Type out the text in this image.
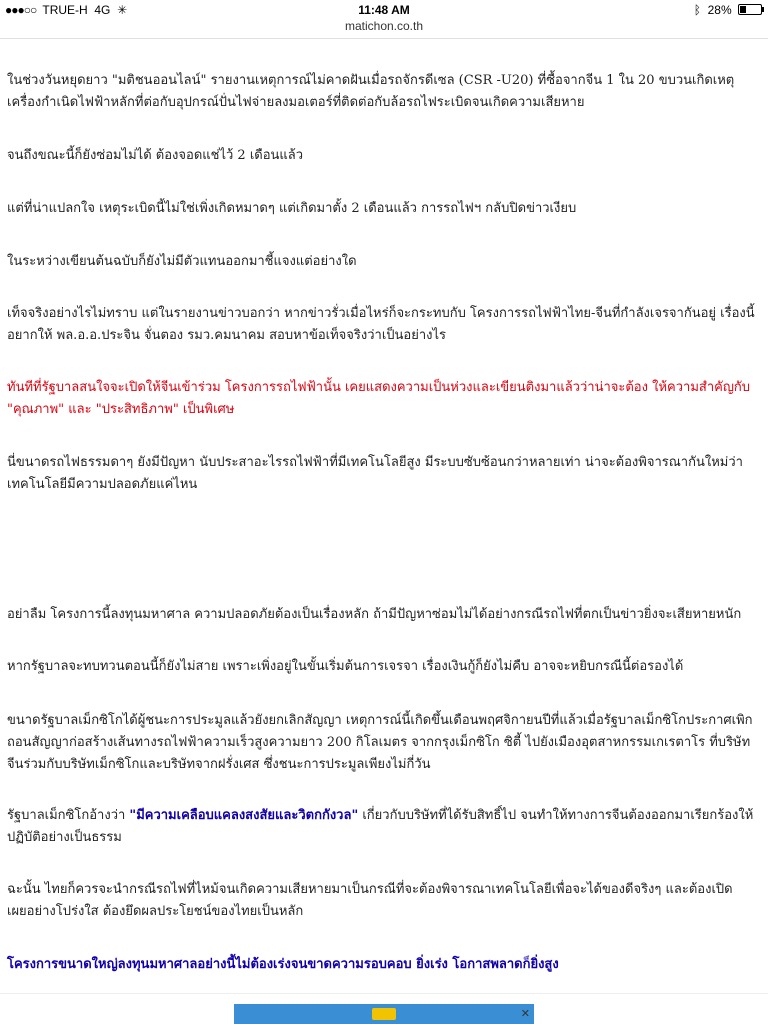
●●●○○ TRUE-H 4G ✳	11:48 AM	ᛒ 28%
matichon.co.th
ในช่วงวันหยุดยาว "มติชนออนไลน์" รายงานเหตุการณ์ไม่คาดฝันเมื่อรถจักรดีเซล (CSR -U20) ที่ซื้อจากจีน 1 ใน 20 ขบวนเกิดเหตุเครื่องกำเนิดไฟฟ้าหลักที่ต่อกับอุปกรณ์ปั่นไฟจ่ายลงมอเตอร์ที่ติดต่อกับล้อรถไฟระเบิดจนเกิดความเสียหาย
จนถึงขณะนี้ก็ยังซ่อมไม่ได้ ต้องจอดแช่ไว้ 2 เดือนแล้ว
แต่ที่น่าแปลกใจ เหตุระเบิดนี้ไม่ใช่เพิ่งเกิดหมาดๆ แต่เกิดมาตั้ง 2 เดือนแล้ว การรถไฟฯ กลับปิดข่าวเงียบ
ในระหว่างเขียนต้นฉบับก็ยังไม่มีตัวแทนออกมาชี้แจงแต่อย่างใด
เท็จจริงอย่างไรไม่ทราบ แต่ในรายงานข่าวบอกว่า หากข่าวรั่วเมื่อไหร่ก็จะกระทบกับ โครงการรถไฟฟ้าไทย-จีนที่กำลังเจรจากันอยู่ เรื่องนี้อยากให้ พล.อ.อ.ประจิน จั่นตอง รมว.คมนาคม สอบหาข้อเท็จจริงว่าเป็นอย่างไร
ทันทีที่รัฐบาลสนใจจะเปิดให้จีนเข้าร่วม โครงการรถไฟฟ้านั้น เคยแสดงความเป็นห่วงและเขียนติงมาแล้วว่าน่าจะต้อง ให้ความสำคัญกับ "คุณภาพ" และ "ประสิทธิภาพ" เป็นพิเศษ
นี่ขนาดรถไฟธรรมดาๆ ยังมีปัญหา นับประสาอะไรรถไฟฟ้าที่มีเทคโนโลยีสูง มีระบบซับซ้อนกว่าหลายเท่า น่าจะต้องพิจารณากันใหม่ว่าเทคโนโลยีมีความปลอดภัยแค่ไหน
อย่าลืม โครงการนี้ลงทุนมหาศาล ความปลอดภัยต้องเป็นเรื่องหลัก ถ้ามีปัญหาซ่อมไม่ได้อย่างกรณีรถไฟที่ตกเป็นข่าวยิ่งจะเสียหายหนัก
หากรัฐบาลจะทบทวนตอนนี้ก็ยังไม่สาย เพราะเพิ่งอยู่ในขั้นเริ่มต้นการเจรจา เรื่องเงินกู้ก็ยังไม่คืบ อาจจะหยิบกรณีนี้ต่อรองได้
ขนาดรัฐบาลเม็กซิโกได้ผู้ชนะการประมูลแล้วยังยกเลิกสัญญา เหตุการณ์นี้เกิดขึ้นเดือนพฤศจิกายนปีที่แล้วเมื่อรัฐบาลเม็กซิโกประกาศเพิกถอนสัญญาก่อสร้างเส้นทางรถไฟฟ้าความเร็วสูงความยาว 200 กิโลเมตร จากกรุงเม็กซิโก ซิตี้ ไปยังเมืองอุตสาหกรรมเกเรตาโร ที่บริษัทจีนร่วมกับบริษัทเม็กซิโกและบริษัทจากฝรั่งเศส ซึ่งชนะการประมูลเพียงไม่กี่วัน
รัฐบาลเม็กซิโกอ้างว่า "มีความเคลือบแคลงสงสัยและวิตกกังวล" เกี่ยวกับบริษัทที่ได้รับสิทธิ์ไป จนทำให้ทางการจีนต้องออกมาเรียกร้องให้ปฏิบัติอย่างเป็นธรรม
ฉะนั้น ไทยก็ควรจะนำกรณีรถไฟที่ไหม้จนเกิดความเสียหายมาเป็นกรณีที่จะต้องพิจารณาเทคโนโลยีเพื่อจะได้ของดีจริงๆ และต้องเปิดเผยอย่างโปร่งใส ต้องยึดผลประโยชน์ของไทยเป็นหลัก
โครงการขนาดใหญ่ลงทุนมหาศาลอย่างนี้ไม่ต้องเร่งจนขาดความรอบคอบ ยิ่งเร่ง โอกาสพลาดก็ยิ่งสูง
✕
